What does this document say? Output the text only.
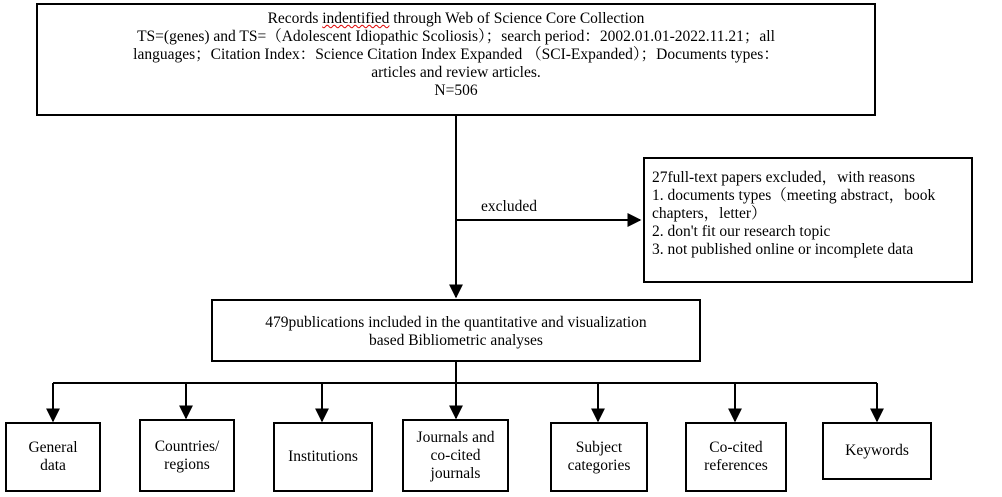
Records indentified through Web of Science Core Collection
TS=(genes) and TS=（Adolescent Idiopathic Scoliosis）；search period：2002.01.01-2022.11.21；all
languages；Citation Index：Science Citation Index Expanded （SCI-Expanded）；Documents types：
articles and review articles.
N=506
excluded
27full-text papers excluded，with reasons
1. documents types（meeting abstract，book
chapters，letter）
2. don't fit our research topic
3. not published online or incomplete data
479publications included in the quantitative and visualization
based Bibliometric analyses
General
data
Countries/
regions	Institutions
Journals and
co-cited
journals
Subject
categories
Co-cited
references
Keywords
